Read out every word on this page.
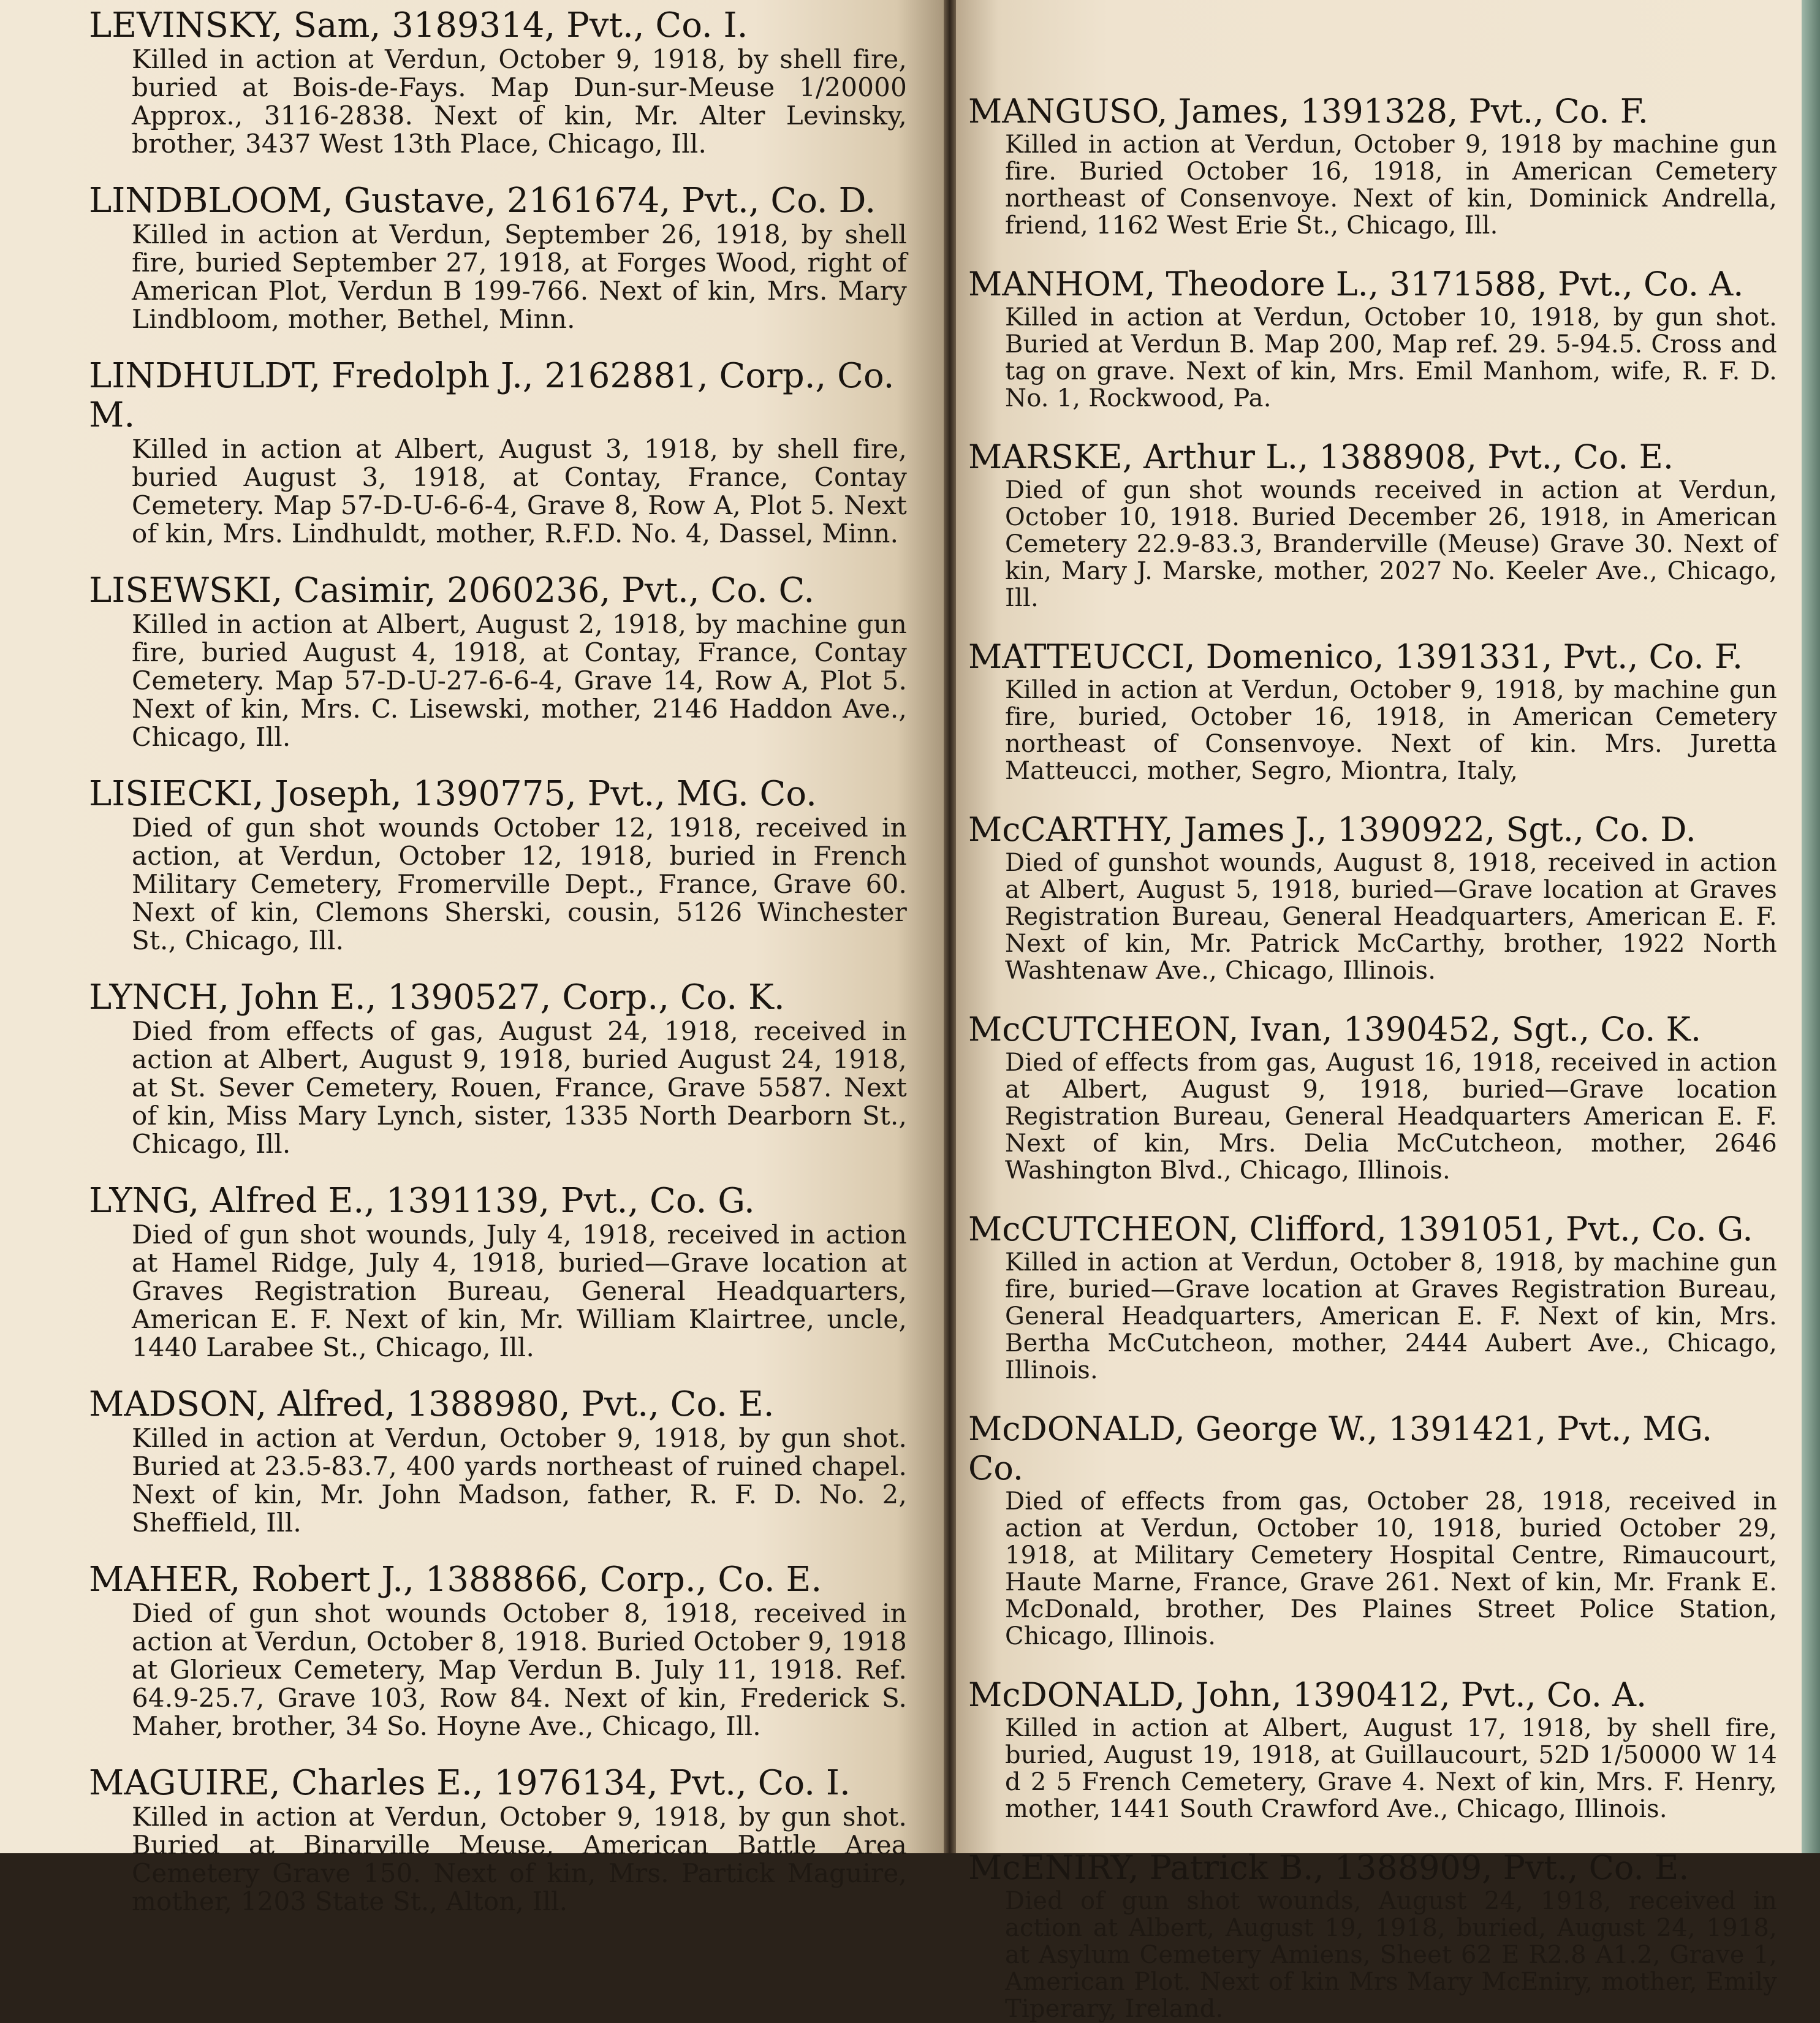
LEVINSKY, Sam, 3189314, Pvt., Co. I.
Killed in action at Verdun, October 9, 1918, by shell fire, buried at Bois-de-Fays. Map Dun-sur-Meuse 1/20000 Approx., 3116-2838. Next of kin, Mr. Alter Levinsky, brother, 3437 West 13th Place, Chicago, Ill.
LINDBLOOM, Gustave, 2161674, Pvt., Co. D.
Killed in action at Verdun, September 26, 1918, by shell fire, buried September 27, 1918, at Forges Wood, right of American Plot, Verdun B 199-766. Next of kin, Mrs. Mary Lindbloom, mother, Bethel, Minn.
LINDHULDT, Fredolph J., 2162881, Corp., Co. M.
Killed in action at Albert, August 3, 1918, by shell fire, buried August 3, 1918, at Contay, France, Contay Cemetery. Map 57-D-U-6-6-4, Grave 8, Row A, Plot 5. Next of kin, Mrs. Lindhuldt, mother, R.F.D. No. 4, Dassel, Minn.
LISEWSKI, Casimir, 2060236, Pvt., Co. C.
Killed in action at Albert, August 2, 1918, by machine gun fire, buried August 4, 1918, at Contay, France, Contay Cemetery. Map 57-D-U-27-6-6-4, Grave 14, Row A, Plot 5. Next of kin, Mrs. C. Lisewski, mother, 2146 Haddon Ave., Chicago, Ill.
LISIECKI, Joseph, 1390775, Pvt., MG. Co.
Died of gun shot wounds October 12, 1918, received in action, at Verdun, October 12, 1918, buried in French Military Cemetery, Fromerville Dept., France, Grave 60. Next of kin, Clemons Sherski, cousin, 5126 Winchester St., Chicago, Ill.
LYNCH, John E., 1390527, Corp., Co. K.
Died from effects of gas, August 24, 1918, received in action at Albert, August 9, 1918, buried August 24, 1918, at St. Sever Cemetery, Rouen, France, Grave 5587. Next of kin, Miss Mary Lynch, sister, 1335 North Dearborn St., Chicago, Ill.
LYNG, Alfred E., 1391139, Pvt., Co. G.
Died of gun shot wounds, July 4, 1918, received in action at Hamel Ridge, July 4, 1918, buried—Grave location at Graves Registration Bureau, General Headquarters, American E. F. Next of kin, Mr. William Klairtree, uncle, 1440 Larabee St., Chicago, Ill.
MADSON, Alfred, 1388980, Pvt., Co. E.
Killed in action at Verdun, October 9, 1918, by gun shot. Buried at 23.5-83.7, 400 yards northeast of ruined chapel. Next of kin, Mr. John Madson, father, R. F. D. No. 2, Sheffield, Ill.
MAHER, Robert J., 1388866, Corp., Co. E.
Died of gun shot wounds October 8, 1918, received in action at Verdun, October 8, 1918. Buried October 9, 1918 at Glorieux Cemetery, Map Verdun B. July 11, 1918. Ref. 64.9-25.7, Grave 103, Row 84. Next of kin, Frederick S. Maher, brother, 34 So. Hoyne Ave., Chicago, Ill.
MAGUIRE, Charles E., 1976134, Pvt., Co. I.
Killed in action at Verdun, October 9, 1918, by gun shot. Buried at Binarville Meuse, American Battle Area Cemetery Grave 150. Next of kin, Mrs. Partick Maguire, mother, 1203 State St., Alton, Ill.
MANGUSO, James, 1391328, Pvt., Co. F.
Killed in action at Verdun, October 9, 1918 by machine gun fire. Buried October 16, 1918, in American Cemetery northeast of Consenvoye. Next of kin, Dominick Andrella, friend, 1162 West Erie St., Chicago, Ill.
MANHOM, Theodore L., 3171588, Pvt., Co. A.
Killed in action at Verdun, October 10, 1918, by gun shot. Buried at Verdun B. Map 200, Map ref. 29. 5-94.5. Cross and tag on grave. Next of kin, Mrs. Emil Manhom, wife, R. F. D. No. 1, Rockwood, Pa.
MARSKE, Arthur L., 1388908, Pvt., Co. E.
Died of gun shot wounds received in action at Verdun, October 10, 1918. Buried December 26, 1918, in American Cemetery 22.9-83.3, Branderville (Meuse) Grave 30. Next of kin, Mary J. Marske, mother, 2027 No. Keeler Ave., Chicago, Ill.
MATTEUCCI, Domenico, 1391331, Pvt., Co. F.
Killed in action at Verdun, October 9, 1918, by machine gun fire, buried, October 16, 1918, in American Cemetery northeast of Consenvoye. Next of kin. Mrs. Juretta Matteucci, mother, Segro, Miontra, Italy,
McCARTHY, James J., 1390922, Sgt., Co. D.
Died of gunshot wounds, August 8, 1918, received in action at Albert, August 5, 1918, buried—Grave location at Graves Registration Bureau, General Headquarters, American E. F. Next of kin, Mr. Patrick McCarthy, brother, 1922 North Washtenaw Ave., Chicago, Illinois.
McCUTCHEON, Ivan, 1390452, Sgt., Co. K.
Died of effects from gas, August 16, 1918, received in action at Albert, August 9, 1918, buried—Grave location Registration Bureau, General Headquarters American E. F. Next of kin, Mrs. Delia McCutcheon, mother, 2646 Washington Blvd., Chicago, Illinois.
McCUTCHEON, Clifford, 1391051, Pvt., Co. G.
Killed in action at Verdun, October 8, 1918, by machine gun fire, buried—Grave location at Graves Registration Bureau, General Headquarters, American E. F. Next of kin, Mrs. Bertha McCutcheon, mother, 2444 Aubert Ave., Chicago, Illinois.
McDONALD, George W., 1391421, Pvt., MG. Co.
Died of effects from gas, October 28, 1918, received in action at Verdun, October 10, 1918, buried October 29, 1918, at Military Cemetery Hospital Centre, Rimaucourt, Haute Marne, France, Grave 261. Next of kin, Mr. Frank E. McDonald, brother, Des Plaines Street Police Station, Chicago, Illinois.
McDONALD, John, 1390412, Pvt., Co. A.
Killed in action at Albert, August 17, 1918, by shell fire, buried, August 19, 1918, at Guillaucourt, 52D 1/50000 W 14 d 2 5 French Cemetery, Grave 4. Next of kin, Mrs. F. Henry, mother, 1441 South Crawford Ave., Chicago, Illinois.
McENIRY, Patrick B., 1388909, Pvt., Co. E.
Died of gun shot wounds, August 24, 1918, received in action at Albert, August 19, 1918, buried, August 24, 1918, at Asylum Cemetery Amiens, Sheet 62 E R2.8 A1.2, Grave 1, American Plot. Next of kin Mrs Mary McEniry, mother, Emily Tiperary, Ireland.
